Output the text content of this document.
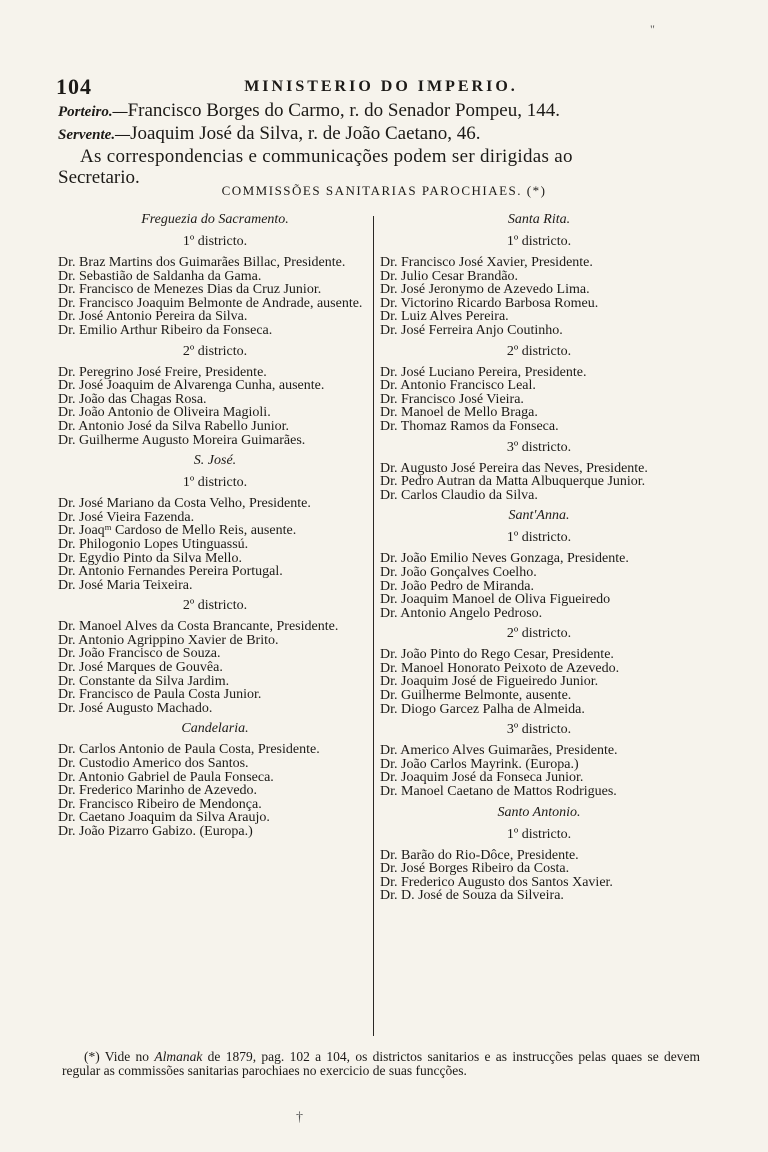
"
104	MINISTERIO DO IMPERIO.

Porteiro.—Francisco Borges do Carmo, r. do Senador Pompeu, 144.

Servente.—Joaquim José da Silva, r. de João Caetano, 46.

As correspondencias e communicações podem ser dirigidas ao

Secretario.

COMMISSÕES SANITARIAS PAROCHIAES. (*)
Freguezia do Sacramento.
1º districto.

Dr. Braz Martins dos Guimarães Billac, Presidente.

Dr. Sebastião de Saldanha da Gama.

Dr. Francisco de Menezes Dias da Cruz Junior.

Dr. Francisco Joaquim Belmonte de Andrade, ausente.

Dr. José Antonio Pereira da Silva.

Dr. Emilio Arthur Ribeiro da Fonseca.

2º districto.

Dr. Peregrino José Freire, Presidente.

Dr. José Joaquim de Alvarenga Cunha, ausente.

Dr. João das Chagas Rosa.

Dr. João Antonio de Oliveira Magioli.

Dr. Antonio José da Silva Rabello Junior.

Dr. Guilherme Augusto Moreira Guimarães.

S. José.
1º districto.

Dr. José Mariano da Costa Velho, Presidente.

Dr. José Vieira Fazenda.

Dr. Joaqᵐ Cardoso de Mello Reis, ausente.

Dr. Philogonio Lopes Utinguassú.

Dr. Egydio Pinto da Silva Mello.

Dr. Antonio Fernandes Pereira Portugal.

Dr. José Maria Teixeira.

2º districto.

Dr. Manoel Alves da Costa Brancante, Presidente.

Dr. Antonio Agrippino Xavier de Brito.

Dr. João Francisco de Souza.

Dr. José Marques de Gouvêa.

Dr. Constante da Silva Jardim.

Dr. Francisco de Paula Costa Junior.

Dr. José Augusto Machado.

Candelaria.

Dr. Carlos Antonio de Paula Costa, Presidente.

Dr. Custodio Americo dos Santos.

Dr. Antonio Gabriel de Paula Fonseca.

Dr. Frederico Marinho de Azevedo.

Dr. Francisco Ribeiro de Mendonça.

Dr. Caetano Joaquim da Silva Araujo.

Dr. João Pizarro Gabizo. (Europa.)

Santa Rita.
1º districto.

Dr. Francisco José Xavier, Presidente.

Dr. Julio Cesar Brandão.

Dr. José Jeronymo de Azevedo Lima.

Dr. Victorino Ricardo Barbosa Romeu.

Dr. Luiz Alves Pereira.

Dr. José Ferreira Anjo Coutinho.

2º districto.

Dr. José Luciano Pereira, Presidente.

Dr. Antonio Francisco Leal.

Dr. Francisco José Vieira.

Dr. Manoel de Mello Braga.

Dr. Thomaz Ramos da Fonseca.

3º districto.

Dr. Augusto José Pereira das Neves, Presidente.

Dr. Pedro Autran da Matta Albuquerque Junior.

Dr. Carlos Claudio da Silva.

Sant'Anna.
1º districto.

Dr. João Emilio Neves Gonzaga, Presidente.

Dr. João Gonçalves Coelho.

Dr. João Pedro de Miranda.

Dr. Joaquim Manoel de Oliva Figueiredo

Dr. Antonio Angelo Pedroso.

2º districto.

Dr. João Pinto do Rego Cesar, Presidente.

Dr. Manoel Honorato Peixoto de Azevedo.

Dr. Joaquim José de Figueiredo Junior.

Dr. Guilherme Belmonte, ausente.

Dr. Diogo Garcez Palha de Almeida.

3º districto.

Dr. Americo Alves Guimarães, Presidente.

Dr. João Carlos Mayrink. (Europa.)

Dr. Joaquim José da Fonseca Junior.

Dr. Manoel Caetano de Mattos Rodrigues.

Santo Antonio.
1º districto.

Dr. Barão do Rio-Dôce, Presidente.

Dr. José Borges Ribeiro da Costa.

Dr. Frederico Augusto dos Santos Xavier.

Dr. D. José de Souza da Silveira.

(*) Vide no Almanak de 1879, pag. 102 a 104, os districtos sanitarios e as instrucções pelas quaes se devem regular as commissões sanitarias parochiaes no exercicio de suas funcções.
†
